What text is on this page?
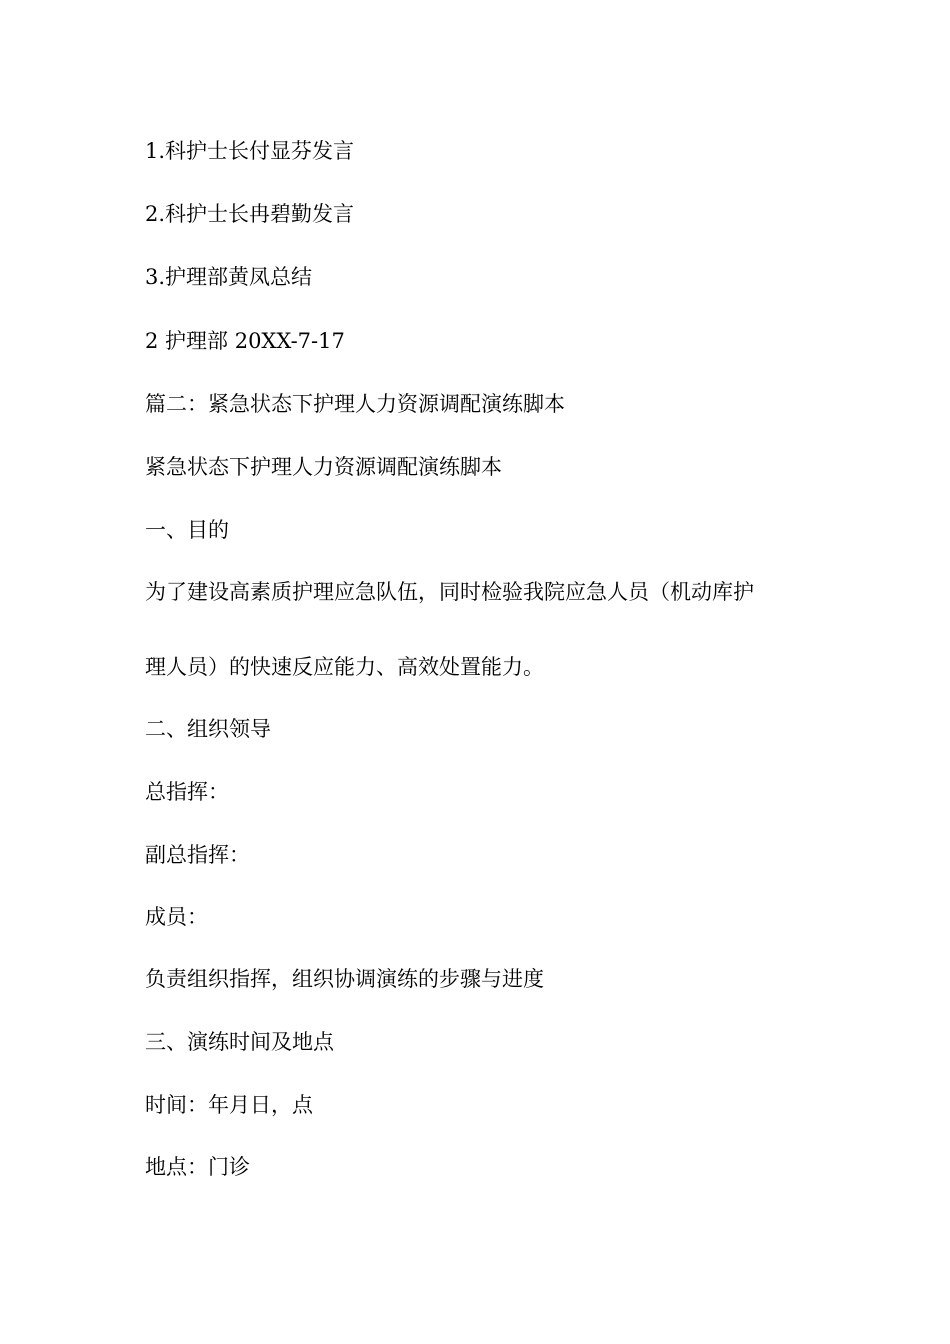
1.科护士长付显芬发言

2.科护士长冉碧勤发言

3.护理部黄凤总结

2 护理部 20XX-7-17

篇二：紧急状态下护理人力资源调配演练脚本

紧急状态下护理人力资源调配演练脚本

一、目的

为了建设高素质护理应急队伍，同时检验我院应急人员（机动库护

理人员）的快速反应能力、高效处置能力。

二、组织领导

总指挥：

副总指挥：

成员：

负责组织指挥，组织协调演练的步骤与进度

三、演练时间及地点

时间：年月日，点

地点：门诊
